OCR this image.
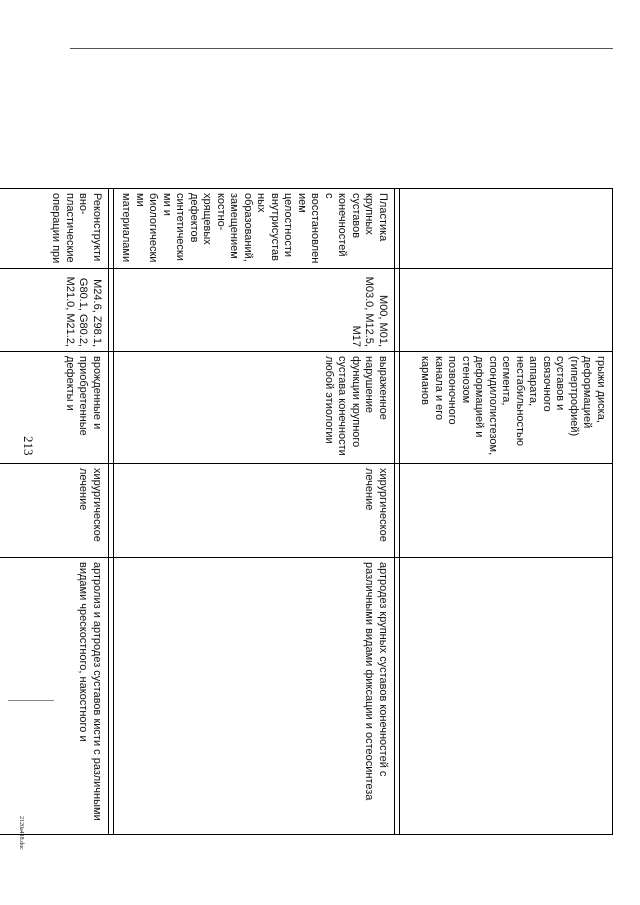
213
2120a418.doc
		грыжи диска, деформацией (гипертрофией) суставов и связочного аппарата, нестабильностью сегмента, спондилолистезом, деформацией и стенозом позвоночного канала и его карманов		

Пластика крупных суставов конечностей с восстановлением целостности внутрисуставных образований, замещением костно-хрящевых дефектов синтетическими и биологическими материалами	M00, M01, M03.0, M12.5, M17	выраженное нарушение функции крупного сустава конечности любой этиологии	хирургическое лечение	артродез крупных суставов конечностей с различными видами фиксации и остеосинтеза

Реконструктивно-пластические операции при	M24.6, Z98.1, G80.1, G80.2, M21.0, M21.2,	врожденные и приобретенные дефекты и	хирургическое лечение	артролиз и артродез суставов кисти с различными видами чрескостного, накостного и
